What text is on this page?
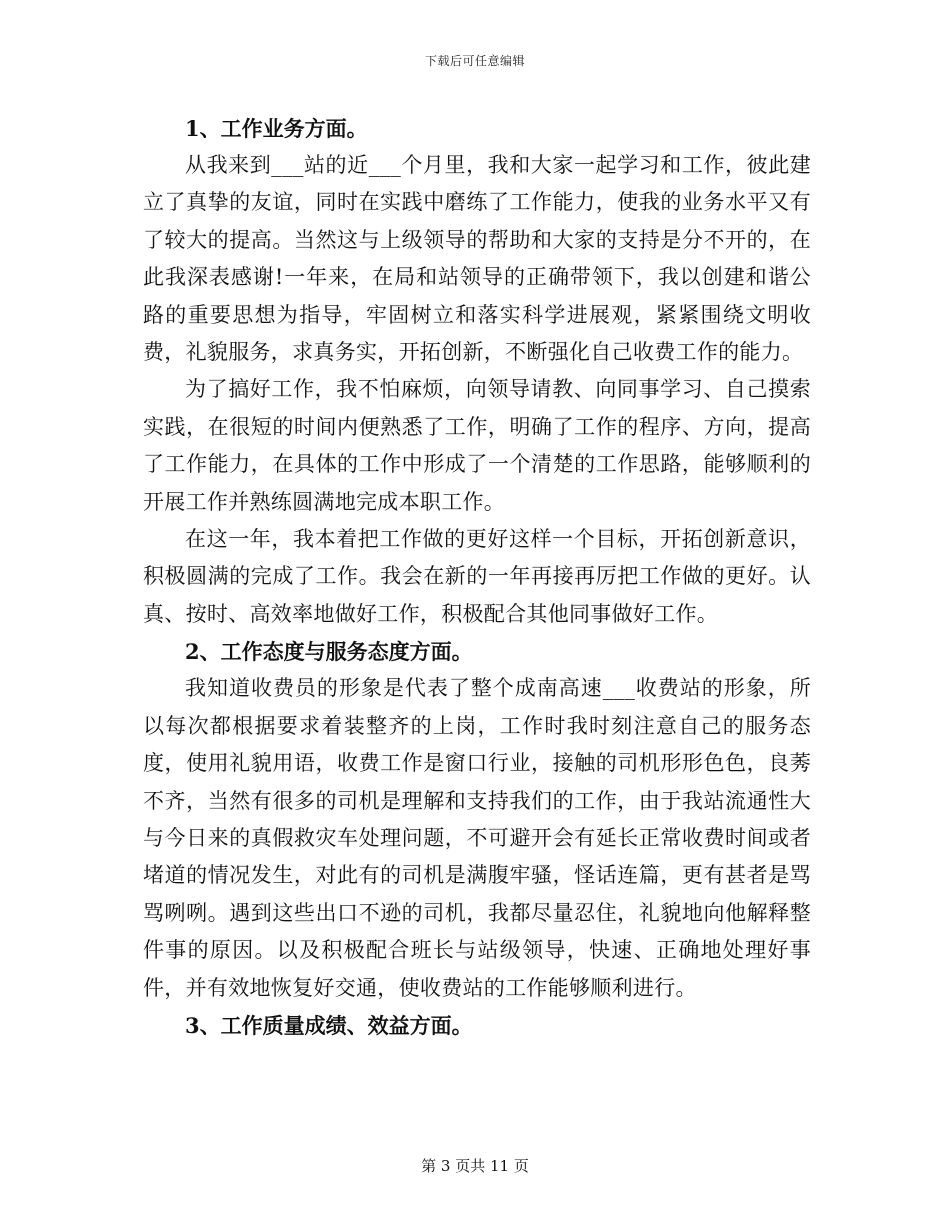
下载后可任意编辑
1、工作业务方面。

从我来到___站的近___个月里，我和大家一起学习和工作，彼此建立了真挚的友谊，同时在实践中磨练了工作能力，使我的业务水平又有了较大的提高。当然这与上级领导的帮助和大家的支持是分不开的，在此我深表感谢!一年来，在局和站领导的正确带领下，我以创建和谐公路的重要思想为指导，牢固树立和落实科学进展观，紧紧围绕文明收费，礼貌服务，求真务实，开拓创新，不断强化自己收费工作的能力。

为了搞好工作，我不怕麻烦，向领导请教、向同事学习、自己摸索实践，在很短的时间内便熟悉了工作，明确了工作的程序、方向，提高了工作能力，在具体的工作中形成了一个清楚的工作思路，能够顺利的开展工作并熟练圆满地完成本职工作。

在这一年，我本着把工作做的更好这样一个目标，开拓创新意识，积极圆满的完成了工作。我会在新的一年再接再厉把工作做的更好。认真、按时、高效率地做好工作，积极配合其他同事做好工作。

2、工作态度与服务态度方面。

我知道收费员的形象是代表了整个成南高速___收费站的形象，所以每次都根据要求着装整齐的上岗，工作时我时刻注意自己的服务态度，使用礼貌用语，收费工作是窗口行业，接触的司机形形色色，良莠不齐，当然有很多的司机是理解和支持我们的工作，由于我站流通性大与今日来的真假救灾车处理问题，不可避开会有延长正常收费时间或者堵道的情况发生，对此有的司机是满腹牢骚，怪话连篇，更有甚者是骂骂咧咧。遇到这些出口不逊的司机，我都尽量忍住，礼貌地向他解释整件事的原因。以及积极配合班长与站级领导，快速、正确地处理好事件，并有效地恢复好交通，使收费站的工作能够顺利进行。

3、工作质量成绩、效益方面。
第 3 页共 11 页
